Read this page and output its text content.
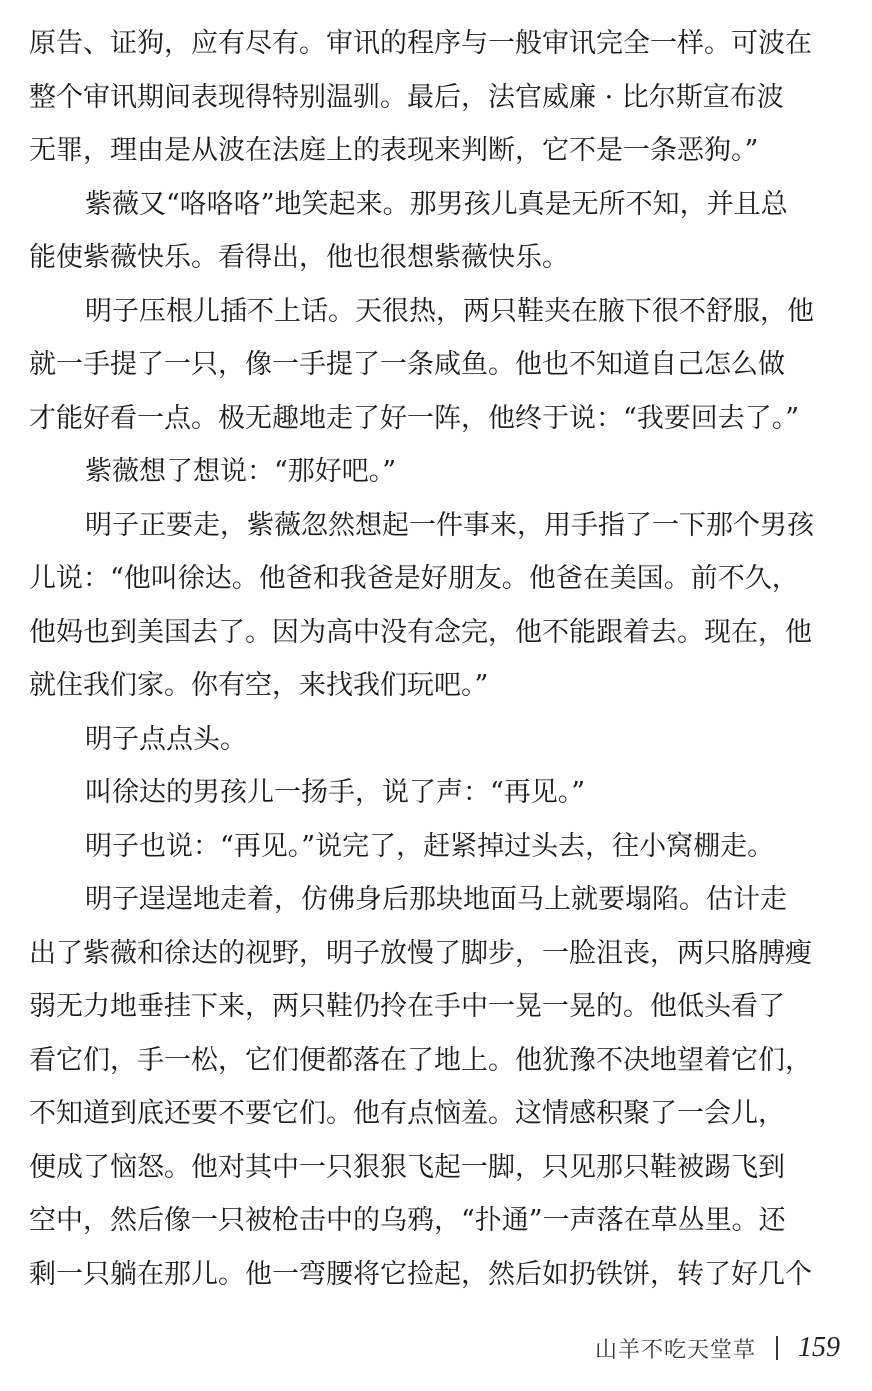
原告、证狗，应有尽有。审讯的程序与一般审讯完全一样。可波在
整个审讯期间表现得特别温驯。最后，法官威廉 · 比尔斯宣布波
无罪，理由是从波在法庭上的表现来判断，它不是一条恶狗。”
紫薇又“咯咯咯”地笑起来。那男孩儿真是无所不知，并且总
能使紫薇快乐。看得出，他也很想紫薇快乐。
明子压根儿插不上话。天很热，两只鞋夹在腋下很不舒服，他
就一手提了一只，像一手提了一条咸鱼。他也不知道自己怎么做
才能好看一点。极无趣地走了好一阵，他终于说：“我要回去了。”
紫薇想了想说：“那好吧。”
明子正要走，紫薇忽然想起一件事来，用手指了一下那个男孩
儿说：“他叫徐达。他爸和我爸是好朋友。他爸在美国。前不久，
他妈也到美国去了。因为高中没有念完，他不能跟着去。现在，他
就住我们家。你有空，来找我们玩吧。”
明子点点头。
叫徐达的男孩儿一扬手，说了声：“再见。”
明子也说：“再见。”说完了，赶紧掉过头去，往小窝棚走。
明子逞逞地走着，仿佛身后那块地面马上就要塌陷。估计走
出了紫薇和徐达的视野，明子放慢了脚步，一脸沮丧，两只胳膊瘦
弱无力地垂挂下来，两只鞋仍拎在手中一晃一晃的。他低头看了
看它们，手一松，它们便都落在了地上。他犹豫不决地望着它们，
不知道到底还要不要它们。他有点恼羞。这情感积聚了一会儿，
便成了恼怒。他对其中一只狠狠飞起一脚，只见那只鞋被踢飞到
空中，然后像一只被枪击中的乌鸦，“扑通”一声落在草丛里。还
剩一只躺在那儿。他一弯腰将它捡起，然后如扔铁饼，转了好几个
山羊不吃天堂草 159
